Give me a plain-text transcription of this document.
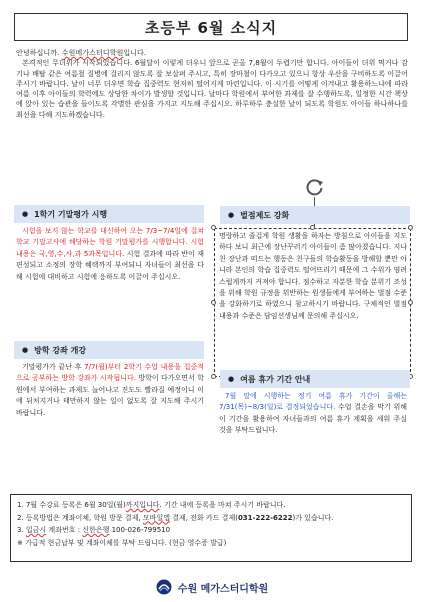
초등부 6월 소식지

안녕하십니까. 수원메가스터디학원입니다.

본격적인 무더위가 시작되었습니다. 6월달이 이렇게 더우니 앞으로 곧올 7,8월이 두렵기만 합니다. 아이들이 더위 먹거나 감기나 배탈 같은 여름철 질병에 걸리지 않도록 잘 보살펴 주시고, 특히 장마철이 다가오고 있으니 항상 우산을 구비하도록 이끌어 주시기 바랍니다. 날이 너무 더우면 학습 집중력도 현저히 떨어지게 마련입니다. 이 시기를 어떻게 이겨내고 활용하느냐에 따라 여름 이후 아이들의 학력에도 상당한 차이가 발생할 것입니다. 날마다 학원에서 부여한 과제를 잘 수행하도록, 일정한 시간 책상에 앉아 있는 습관을 들이도록 각별한 관심을 가지고 지도해 주십시오. 하루하루 충실한 날이 되도록 학원도 아이들 하나하나를 최선을 다해 지도하겠습니다.

● 1학기 기말평가 시행

시험을 보지 않는 학교를 대신하여 오는 7/3~7/4일에 걸쳐 학교 기말고사에 해당하는 학원 기말평가를 시행합니다. 시험 내용은 국,영,수,사,과 5과목입니다. 시험 결과에 따라 반이 재편성되고 소정의 장학 혜택까지 부여되니 자녀들이 최선을 다해 시험에 대비하고 시험에 응하도록 이끌어 주십시오.

● 방학 강좌 개강

기말평가가 끝난 후 7/7(월)부터 2학기 수업 내용을 집중적으로 공부하는 방학 강좌가 시작됩니다. 방학이 다가오면서 학원에서 부여하는 과제도 늘어나고 진도도 빨라질 예정이니 이에 뒤처지거나 태만하지 않는 일이 없도록 잘 지도해 주시기 바랍니다.

● 벌점제도 강화

명랑하고 즐겁게 학원 생활을 하자는 방침으로 아이들을 지도하다 보니 최근에 장난꾸러기 아이들이 좀 많아졌습니다. 지나친 장난과 떠드는 행동은 친구들의 학습활동을 방해할 뿐만 아니라 본인의 학습 집중력도 떨어뜨리기 때문에 그 수위가 염려스럽게까지 커져야 합니다. 점수하고 자분한 학습 분위기 조성을 위해 학원 규정을 위반하는 원생들에게 부여하는 벌점 수준을 강화하기로 하였으니 참고하시기 바랍니다. 구체적인 벌점 내용과 수준은 담임선생님께 문의해 주십시오.

● 여름 휴가 기간 안내

7월 말에 시행하는 정기 여름 휴가 기간이 올해는 7/31(목)~8/3(일)로 결정되었습니다. 수업 결손을 막기 위해 이 기간을 활용하여 자녀들과의 여름 휴가 계획을 세워 주실 것을 부탁드립니다.

1. 7월 수강료 등록은 6월 30일(월)까지입니다. 기간 내에 등록을 마쳐 주시기 바랍니다.

2. 등록방법은 계좌이체, 학원 방문 결제, 모바일앱 결제, 전화 카드 결제(031-222-6222)가 있습니다.

3. 입금시 계좌번호 : 신한은행 100-026-799510

※ 가급적 현금납부 및 계좌이체를 부탁 드립니다. (현금 영수증 발급)

수원 메가스터디학원
